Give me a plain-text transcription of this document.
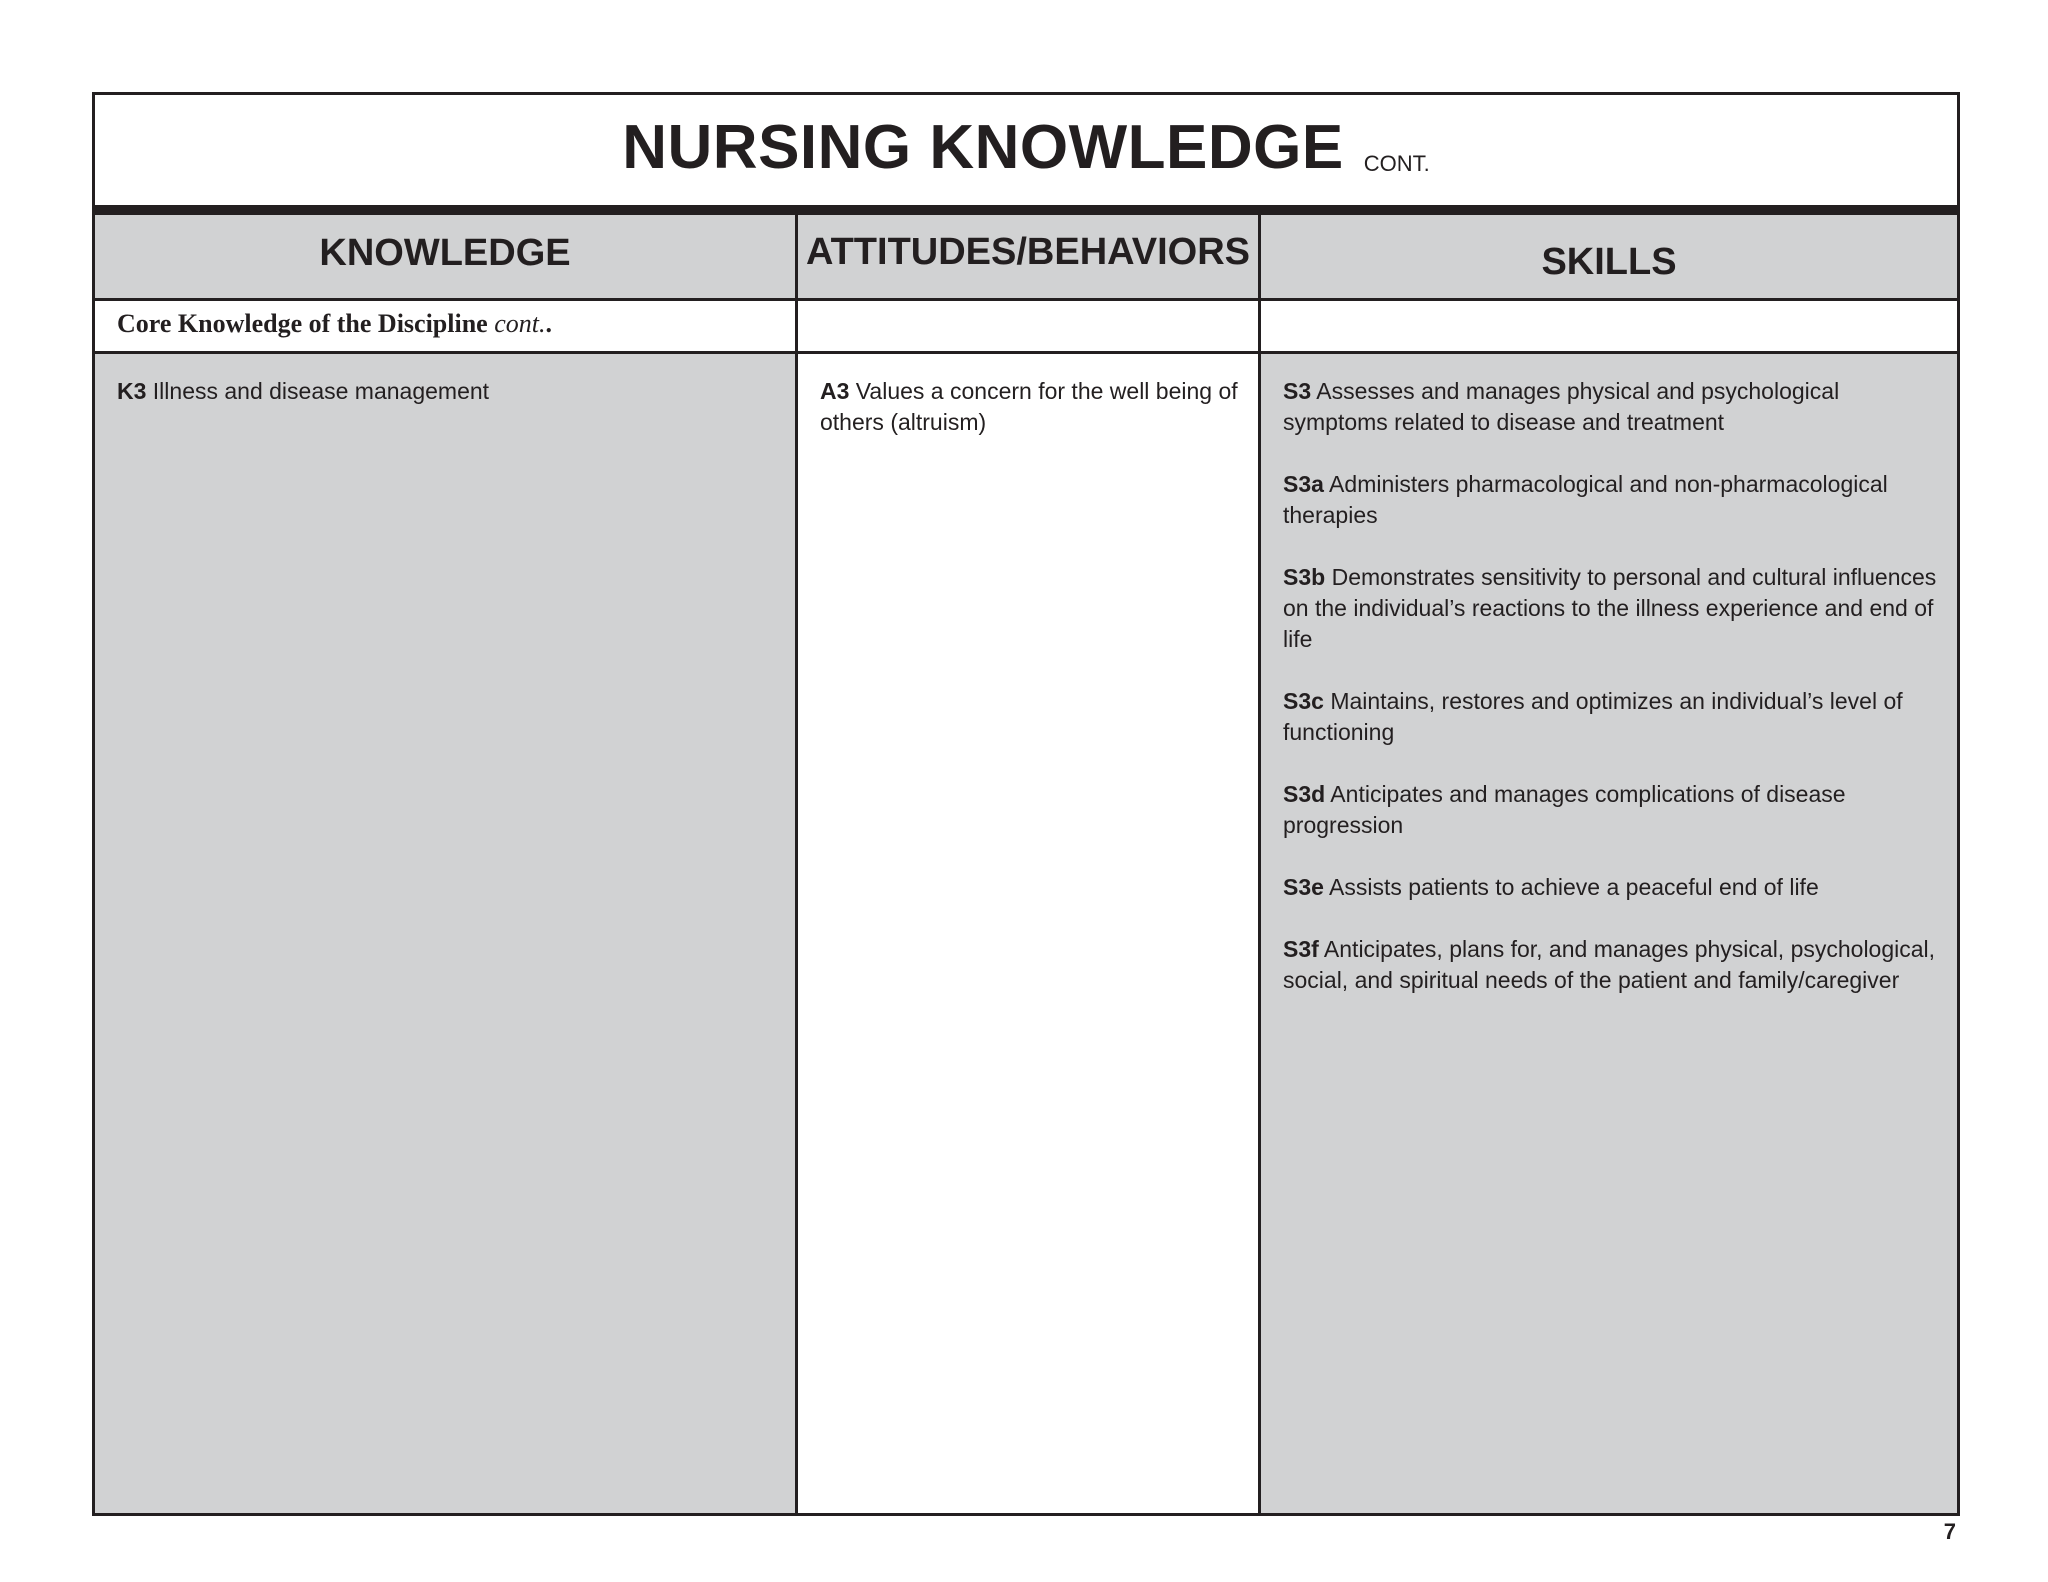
NURSING KNOWLEDGE CONT.
KNOWLEDGE
Core Knowledge of the Discipline cont..

K3 Illness and disease management

ATTITUDES/BEHAVIORS

A3 Values a concern for the well being of others (altruism)

SKILLS

S3 Assesses and manages physical and psychological symptoms related to disease and treatment

S3a Administers pharmacological and non-pharmacological therapies

S3b Demonstrates sensitivity to personal and cultural influences on the individual’s reactions to the illness experience and end of life

S3c Maintains, restores and optimizes an individual’s level of functioning

S3d Anticipates and manages complications of disease progression

S3e Assists patients to achieve a peaceful end of life

S3f Anticipates, plans for, and manages physical, psychological, social, and spiritual needs of the patient and family/caregiver

7
